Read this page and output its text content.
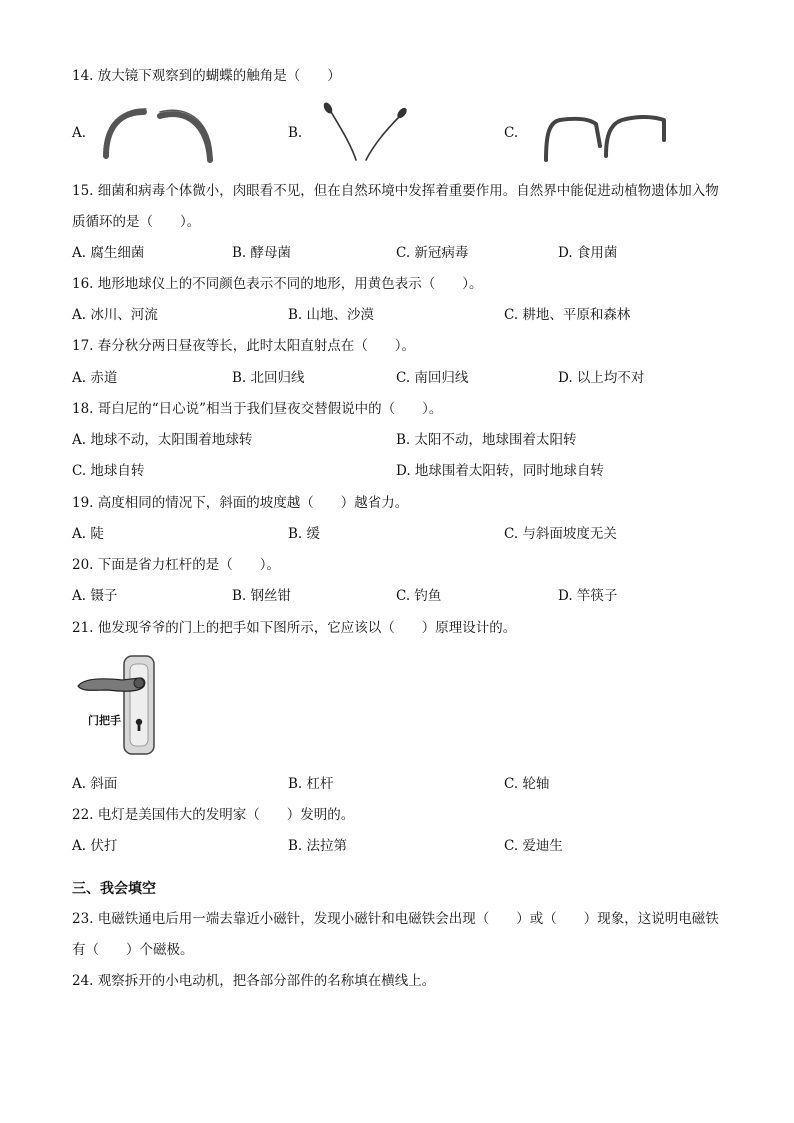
14. 放大镜下观察到的蝴蝶的触角是（　　）
A.	B.	C.
15. 细菌和病毒个体微小，肉眼看不见，但在自然环境中发挥着重要作用。自然界中能促进动植物遗体加入物质循环的是（　　）。
A. 腐生细菌	B. 酵母菌	C. 新冠病毒	D. 食用菌
16. 地形地球仪上的不同颜色表示不同的地形，用黄色表示（　　）。
A. 冰川、河流	B. 山地、沙漠	C. 耕地、平原和森林
17. 春分秋分两日昼夜等长，此时太阳直射点在（　　）。
A. 赤道	B. 北回归线	C. 南回归线	D. 以上均不对
18. 哥白尼的“日心说”相当于我们昼夜交替假说中的（　　）。
A. 地球不动，太阳围着地球转	B. 太阳不动，地球围着太阳转
C. 地球自转	D. 地球围着太阳转，同时地球自转
19. 高度相同的情况下，斜面的坡度越（　　）越省力。
A. 陡	B. 缓	C. 与斜面坡度无关
20. 下面是省力杠杆的是（　　）。
A. 镊子	B. 钢丝钳	C. 钓鱼	D. 竿筷子
21. 他发现爷爷的门上的把手如下图所示，它应该以（　　）原理设计的。
门把手
A. 斜面	B. 杠杆	C. 轮轴
22. 电灯是美国伟大的发明家（　　）发明的。
A. 伏打	B. 法拉第	C. 爱迪生
三、我会填空
23. 电磁铁通电后用一端去靠近小磁针，发现小磁针和电磁铁会出现（　　）或（　　）现象，这说明电磁铁有（　　）个磁极。
24. 观察拆开的小电动机，把各部分部件的名称填在横线上。
